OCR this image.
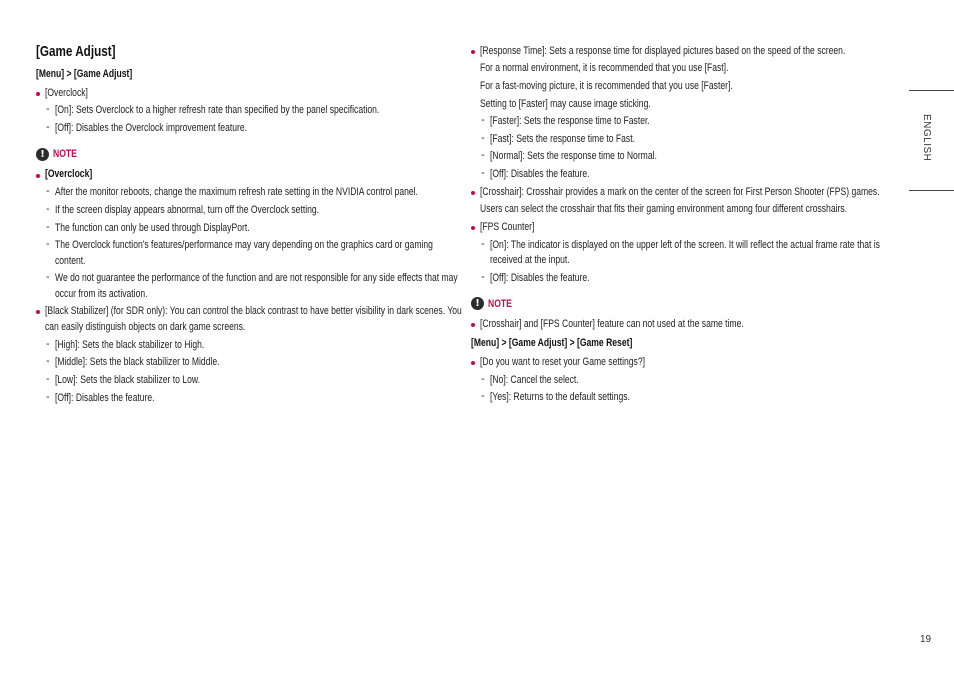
[Game Adjust]
[Menu] > [Game Adjust]
[Overclock]
- [On]: Sets Overclock to a higher refresh rate than specified by the panel specification.
- [Off]: Disables the Overclock improvement feature.
! NOTE
[Overclock]
- After the monitor reboots, change the maximum refresh rate setting in the NVIDIA control panel.
- If the screen display appears abnormal, turn off the Overclock setting.
- The function can only be used through DisplayPort.
- The Overclock function's features/performance may vary depending on the graphics card or gaming
content.
- We do not guarantee the performance of the function and are not responsible for any side effects that may
occur from its activation.
[Black Stabilizer] (for SDR only): You can control the black contrast to have better visibility in dark scenes. You
can easily distinguish objects on dark game screens.
- [High]: Sets the black stabilizer to High.
- [Middle]: Sets the black stabilizer to Middle.
- [Low]: Sets the black stabilizer to Low.
- [Off]: Disables the feature.
[Response Time]: Sets a response time for displayed pictures based on the speed of the screen.
For a normal environment, it is recommended that you use [Fast].
For a fast-moving picture, it is recommended that you use [Faster].
Setting to [Faster] may cause image sticking.
- [Faster]: Sets the response time to Faster.
- [Fast]: Sets the response time to Fast.
- [Normal]: Sets the response time to Normal.
- [Off]: Disables the feature.
[Crosshair]: Crosshair provides a mark on the center of the screen for First Person Shooter (FPS) games.
Users can select the crosshair that fits their gaming environment among four different crosshairs.
[FPS Counter]
- [On]: The indicator is displayed on the upper left of the screen. It will reflect the actual frame rate that is
received at the input.
- [Off]: Disables the feature.
! NOTE
[Crosshair] and [FPS Counter] feature can not used at the same time.
[Menu] > [Game Adjust] > [Game Reset]
[Do you want to reset your Game settings?]
- [No]: Cancel the select.
- [Yes]: Returns to the default settings.
ENGLISH
19
